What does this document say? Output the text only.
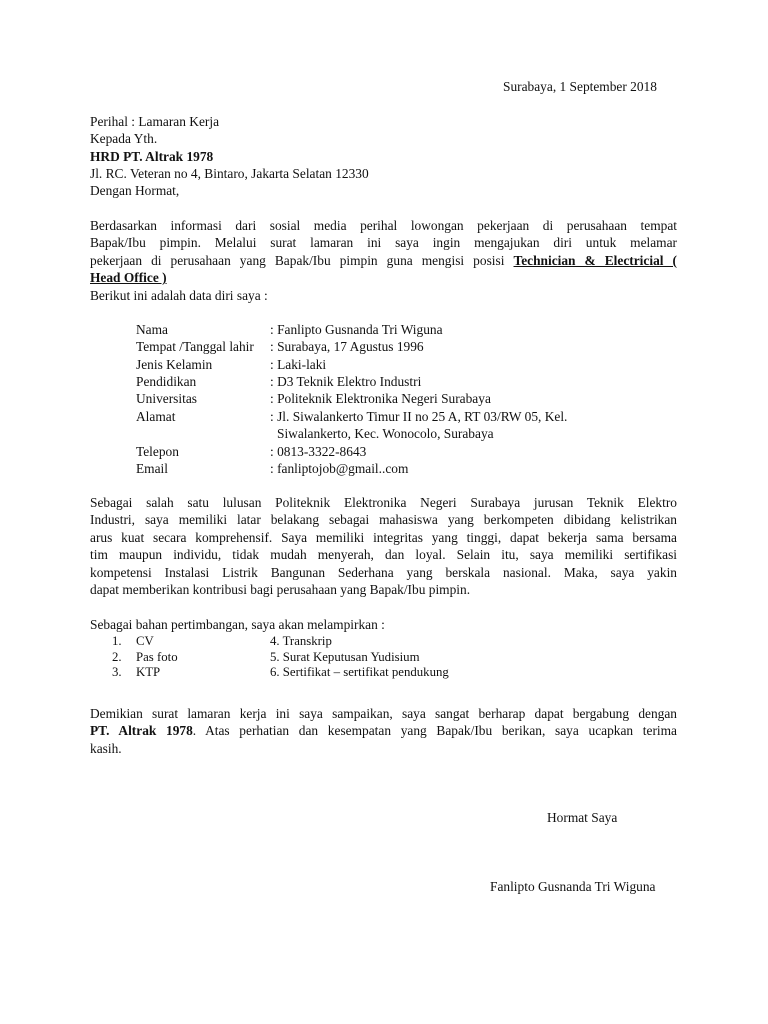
Surabaya, 1 September 2018
Perihal : Lamaran Kerja
Kepada Yth.
HRD PT. Altrak 1978
Jl. RC. Veteran no 4, Bintaro, Jakarta Selatan 12330
Dengan Hormat,
Berdasarkan informasi dari sosial media perihal lowongan pekerjaan di perusahaan tempat
Bapak/Ibu pimpin. Melalui surat lamaran ini saya ingin mengajukan diri untuk melamar
pekerjaan di perusahaan yang Bapak/Ibu pimpin guna mengisi posisi Technician & Electricial (
Head Office )
Berikut ini adalah data diri saya :
Nama	: Fanlipto Gusnanda Tri Wiguna
Tempat /Tanggal lahir : Surabaya, 17 Agustus 1996
Jenis Kelamin	: Laki-laki
Pendidikan	: D3 Teknik Elektro Industri
Universitas	: Politeknik Elektronika Negeri Surabaya
Alamat	: Jl. Siwalankerto Timur II no 25 A, RT 03/RW 05, Kel.
Siwalankerto, Kec. Wonocolo, Surabaya
Telepon	: 0813-3322-8643
Email	: fanliptojob@gmail..com
Sebagai salah satu lulusan Politeknik Elektronika Negeri Surabaya jurusan Teknik Elektro
Industri, saya memiliki latar belakang sebagai mahasiswa yang berkompeten dibidang kelistrikan
arus kuat secara komprehensif. Saya memiliki integritas yang tinggi, dapat bekerja sama bersama
tim maupun individu, tidak mudah menyerah, dan loyal. Selain itu, saya memiliki sertifikasi
kompetensi Instalasi Listrik Bangunan Sederhana yang berskala nasional. Maka, saya yakin
dapat memberikan kontribusi bagi perusahaan yang Bapak/Ibu pimpin.
Sebagai bahan pertimbangan, saya akan melampirkan :
1. CV	4. Transkrip
2. Pas foto	5. Surat Keputusan Yudisium
3. KTP	6. Sertifikat – sertifikat pendukung
Demikian surat lamaran kerja ini saya sampaikan, saya sangat berharap dapat bergabung dengan
PT. Altrak 1978. Atas perhatian dan kesempatan yang Bapak/Ibu berikan, saya ucapkan terima
kasih.
Hormat Saya
Fanlipto Gusnanda Tri Wiguna
